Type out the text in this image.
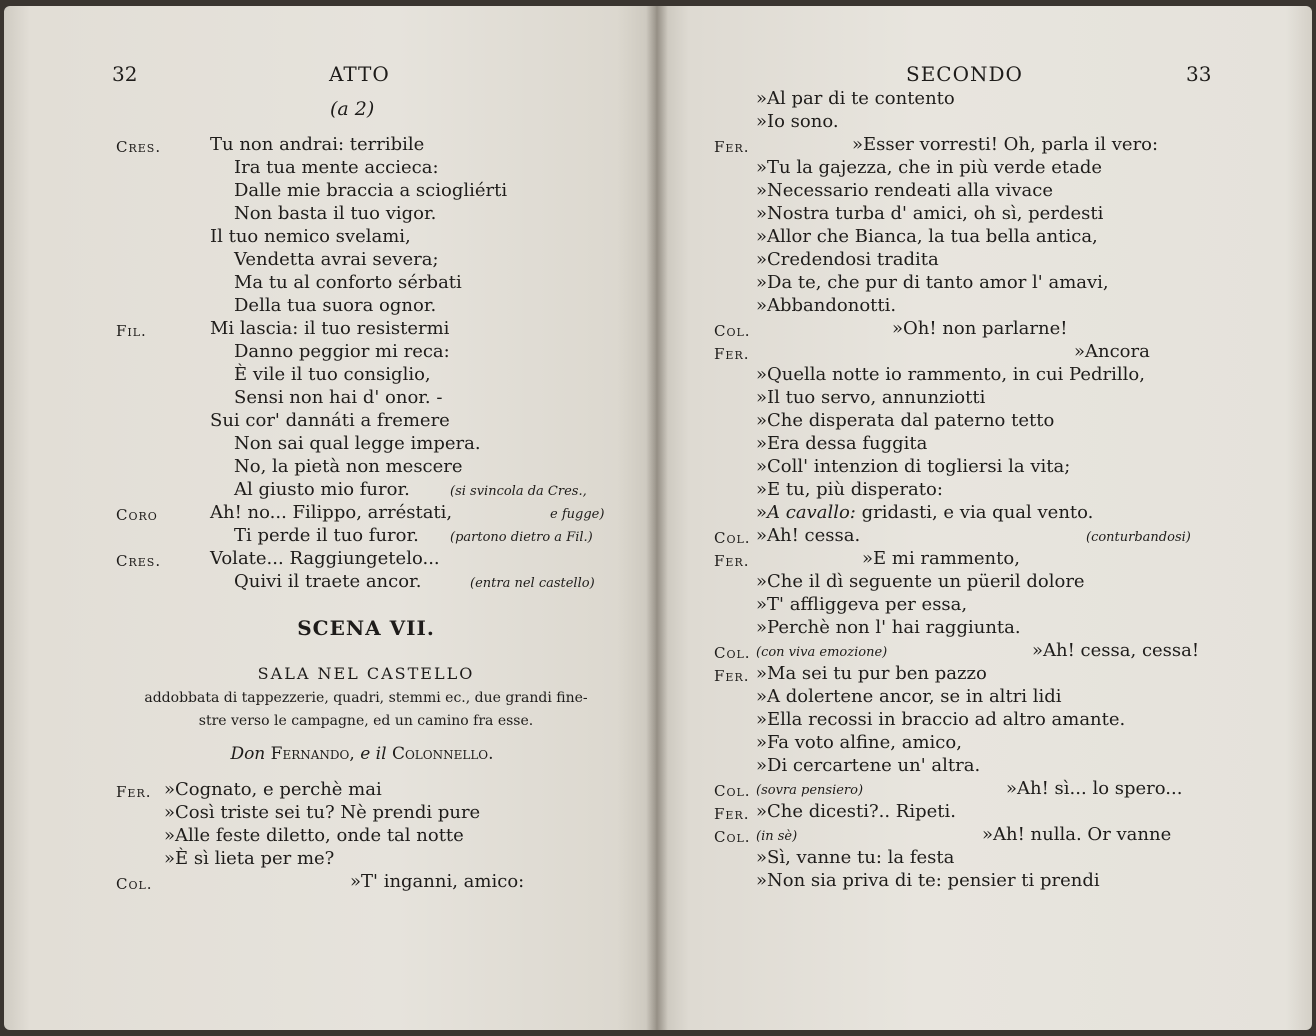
32	ATTO
(a 2)
Cres.	Tu non andrai: terribile
Ira tua mente accieca:
Dalle mie braccia a sciogliérti
Non basta il tuo vigor.
Il tuo nemico svelami,
Vendetta avrai severa;
Ma tu al conforto sérbati
Della tua suora ognor.
Fil.	Mi lascia: il tuo resistermi
Danno peggior mi reca:
È vile il tuo consiglio,
Sensi non hai d' onor. -
Sui cor' dannáti a fremere
Non sai qual legge impera.
No, la pietà non mescere
Al giusto mio furor.	(si svincola da Cres.,
Coro	Ah! no... Filippo, arréstati,	e fugge)
Ti perde il tuo furor. (partono dietro a Fil.)
Cres.	Volate... Raggiungetelo...
Quivi il traete ancor.	(entra nel castello)
SCENA VII.
SALA NEL CASTELLO
addobbata di tappezzerie, quadri, stemmi ec., due grandi fine-
stre verso le campagne, ed un camino fra esse.
Don Fernando, e il Colonnello.
Fer. »Cognato, e perchè mai
»Così triste sei tu? Nè prendi pure
»Alle feste diletto, onde tal notte
»È sì lieta per me?
Col.	»T' inganni, amico:
SECONDO	33
»Al par di te contento
»Io sono.
Fer.	»Esser vorresti! Oh, parla il vero:
»Tu la gajezza, che in più verde etade
»Necessario rendeati alla vivace
»Nostra turba d' amici, oh sì, perdesti
»Allor che Bianca, la tua bella antica,
»Credendosi tradita
»Da te, che pur di tanto amor l' amavi,
»Abbandonotti.
Col.	»Oh! non parlarne!
Fer.	»Ancora
»Quella notte io rammento, in cui Pedrillo,
»Il tuo servo, annunziotti
»Che disperata dal paterno tetto
»Era dessa fuggita
»Coll' intenzion di togliersi la vita;
»E tu, più disperato:
»A cavallo: gridasti, e via qual vento.
Col. »Ah! cessa.	(conturbandosi)
Fer.	»E mi rammento,
»Che il dì seguente un püeril dolore
»T' affliggeva per essa,
»Perchè non l' hai raggiunta.
Col. (con viva emozione)	»Ah! cessa, cessa!
Fer. »Ma sei tu pur ben pazzo
»A dolertene ancor, se in altri lidi
»Ella recossi in braccio ad altro amante.
»Fa voto alfine, amico,
»Di cercartene un' altra.
Col. (sovra pensiero)	»Ah! sì... lo spero...
Fer. »Che dicesti?.. Ripeti.
Col. (in sè)	»Ah! nulla. Or vanne
»Sì, vanne tu: la festa
»Non sia priva di te: pensier ti prendi
